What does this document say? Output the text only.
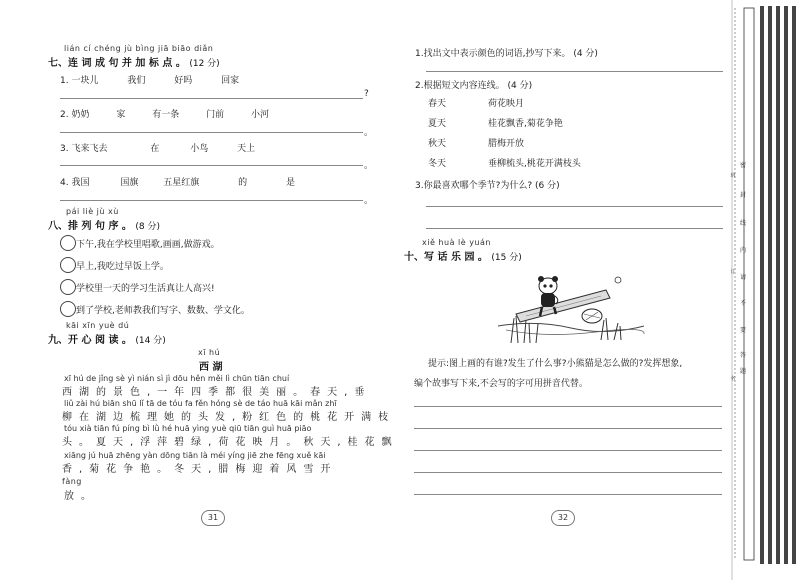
lián cí chéng jù bìng jiā biāo diǎn
七、连 词 成 句 并 加 标 点 。 (12 分)
1. 一块儿	我们	好吗	回家
?
2. 奶奶	家	有一条	门前	小河
。
3. 飞来飞去	在	小鸟	天上
。
4. 我国	国旗	五星红旗	的	是
。
pái liè jù xù
八、排 列 句 序 。 (8 分)
下午,我在学校里唱歌,画画,做游戏。
早上,我吃过早饭上学。
学校里一天的学习生活真让人高兴!
到了学校,老师教我们写字、数数、学文化。
kāi xīn yuè dú
九、开 心 阅 读 。 (14 分)
xī hú
西 湖
xī hú de jǐng sè yì nián sì jì dōu hěn měi lì chūn tiān chuí
西湖的景色,一年四季都很美丽。春天,垂
liǔ zài hú biān shū lǐ tā de tóu fa fěn hóng sè de táo huā kāi mǎn zhī
柳在湖边梳理她的头发,粉红色的桃花开满枝
tóu xià tiān fú píng bì lǜ hé huā yìng yuè qiū tiān guì huā piāo
头。夏天,浮萍碧绿,荷花映月。秋天,桂花飘
xiāng jú huā zhēng yàn dōng tiān là méi yíng jiē zhe fēng xuě kāi
香,菊花争艳。冬天,腊梅迎着风雪开
fàng
放。
31
1.找出文中表示颜色的词语,抄写下来。 (4 分)
2.根据短文内容连线。 (4 分)
春天	荷花映月
夏天	桂花飘香,菊花争艳
秋天	腊梅开放
冬天	垂柳梳头,桃花开满枝头
3.你最喜欢哪个季节?为什么? (6 分)
xiě huà lè yuán
十、写 话 乐 园 。 (15 分)
提示:图上画的有谁?发生了什么事?小熊猫是怎么做的?发挥想象,
编个故事写下来,不会写的字可用拼音代替。
32
密
封
线
内
请
不
要
答
题
班
订
名
